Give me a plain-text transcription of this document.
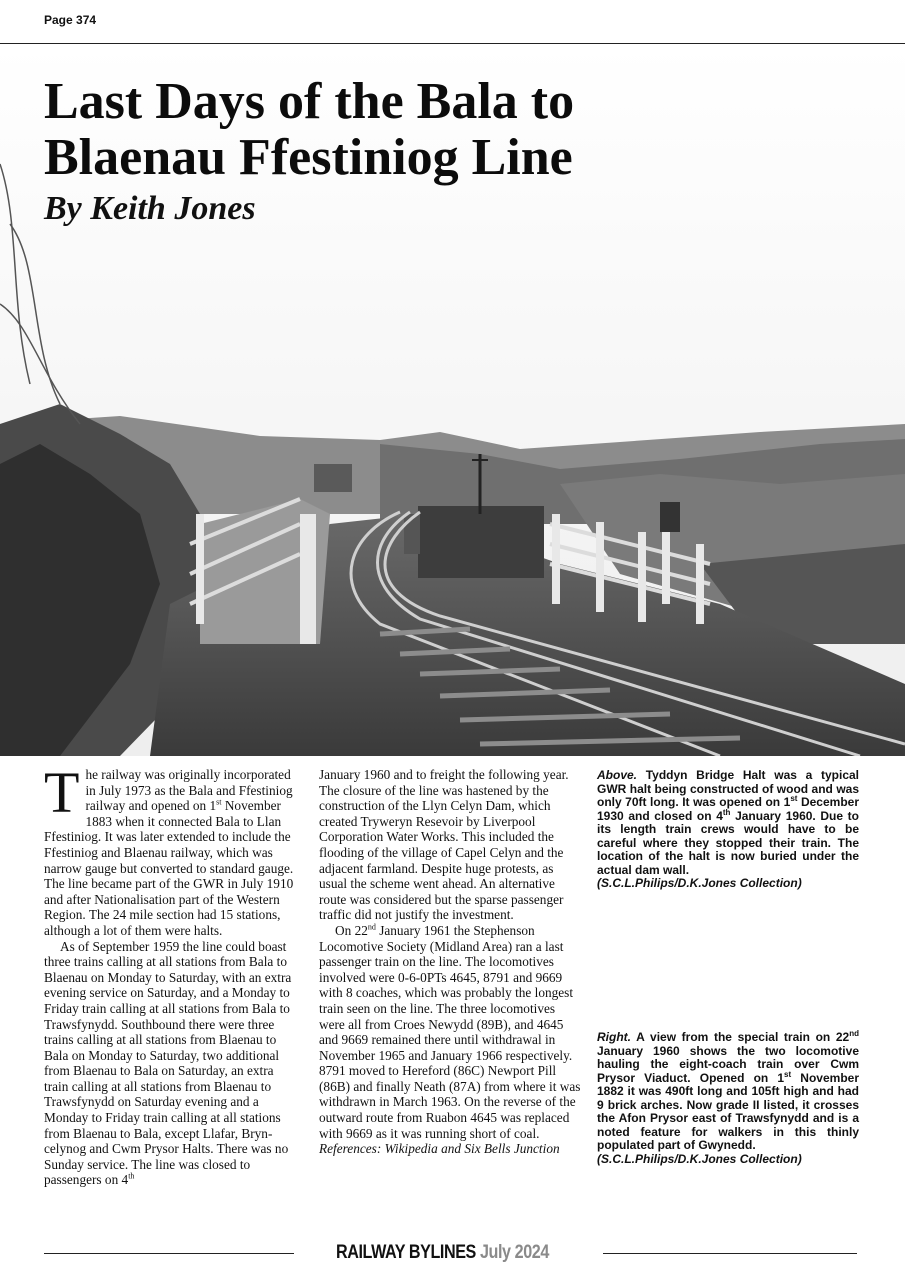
Page 374
Last Days of the Bala to
Blaenau Ffestiniog Line
By Keith Jones

The railway was originally incorporated in July 1973 as the Bala and Ffestiniog railway and opened on 1st November 1883 when it connected Bala to Llan Ffestiniog. It was later extended to include the Ffestiniog and Blaenau railway, which was narrow gauge but converted to standard gauge. The line became part of the GWR in July 1910 and after Nationalisation part of the Western Region. The 24 mile section had 15 stations, although a lot of them were halts.

As of September 1959 the line could boast three trains calling at all stations from Bala to Blaenau on Monday to Saturday, with an extra evening service on Saturday, and a Monday to Friday train calling at all stations from Bala to Trawsfynydd. Southbound there were three trains calling at all stations from Blaenau to Bala on Monday to Saturday, two additional from Blaenau to Bala on Saturday, an extra train calling at all stations from Blaenau to Trawsfynydd on Saturday evening and a Monday to Friday train calling at all stations from Blaenau to Bala, except Llafar, Bryn-celynog and Cwm Prysor Halts. There was no Sunday service. The line was closed to passengers on 4th

January 1960 and to freight the following year. The closure of the line was hastened by the construction of the Llyn Celyn Dam, which created Tryweryn Resevoir by Liverpool Corporation Water Works. This included the flooding of the village of Capel Celyn and the adjacent farmland. Despite huge protests, as usual the scheme went ahead. An alternative route was considered but the sparse passenger traffic did not justify the investment.

On 22nd January 1961 the Stephenson Locomotive Society (Midland Area) ran a last passenger train on the line. The locomotives involved were 0-6-0PTs 4645, 8791 and 9669 with 8 coaches, which was probably the longest train seen on the line. The three locomotives were all from Croes Newydd (89B), and 4645 and 9669 remained there until withdrawal in November 1965 and January 1966 respectively. 8791 moved to Hereford (86C) Newport Pill (86B) and finally Neath (87A) from where it was withdrawn in March 1963. On the reverse of the outward route from Ruabon 4645 was replaced with 9669 as it was running short of coal.

References: Wikipedia and Six Bells Junction

Above. Tyddyn Bridge Halt was a typical GWR halt being constructed of wood and was only 70ft long. It was opened on 1st December 1930 and closed on 4th January 1960. Due to its length train crews would have to be careful where they stopped their train. The location of the halt is now buried under the actual dam wall.
(S.C.L.Philips/D.K.Jones Collection)
Right. A view from the special train on 22nd January 1960 shows the two locomotive hauling the eight-coach train over Cwm Prysor Viaduct. Opened on 1st November 1882 it was 490ft long and 105ft high and had 9 brick arches. Now grade II listed, it crosses the Afon Prysor east of Trawsfynydd and is a noted feature for walkers in this thinly populated part of Gwynedd.
(S.C.L.Philips/D.K.Jones Collection)
RAILWAY BYLINES July 2024
